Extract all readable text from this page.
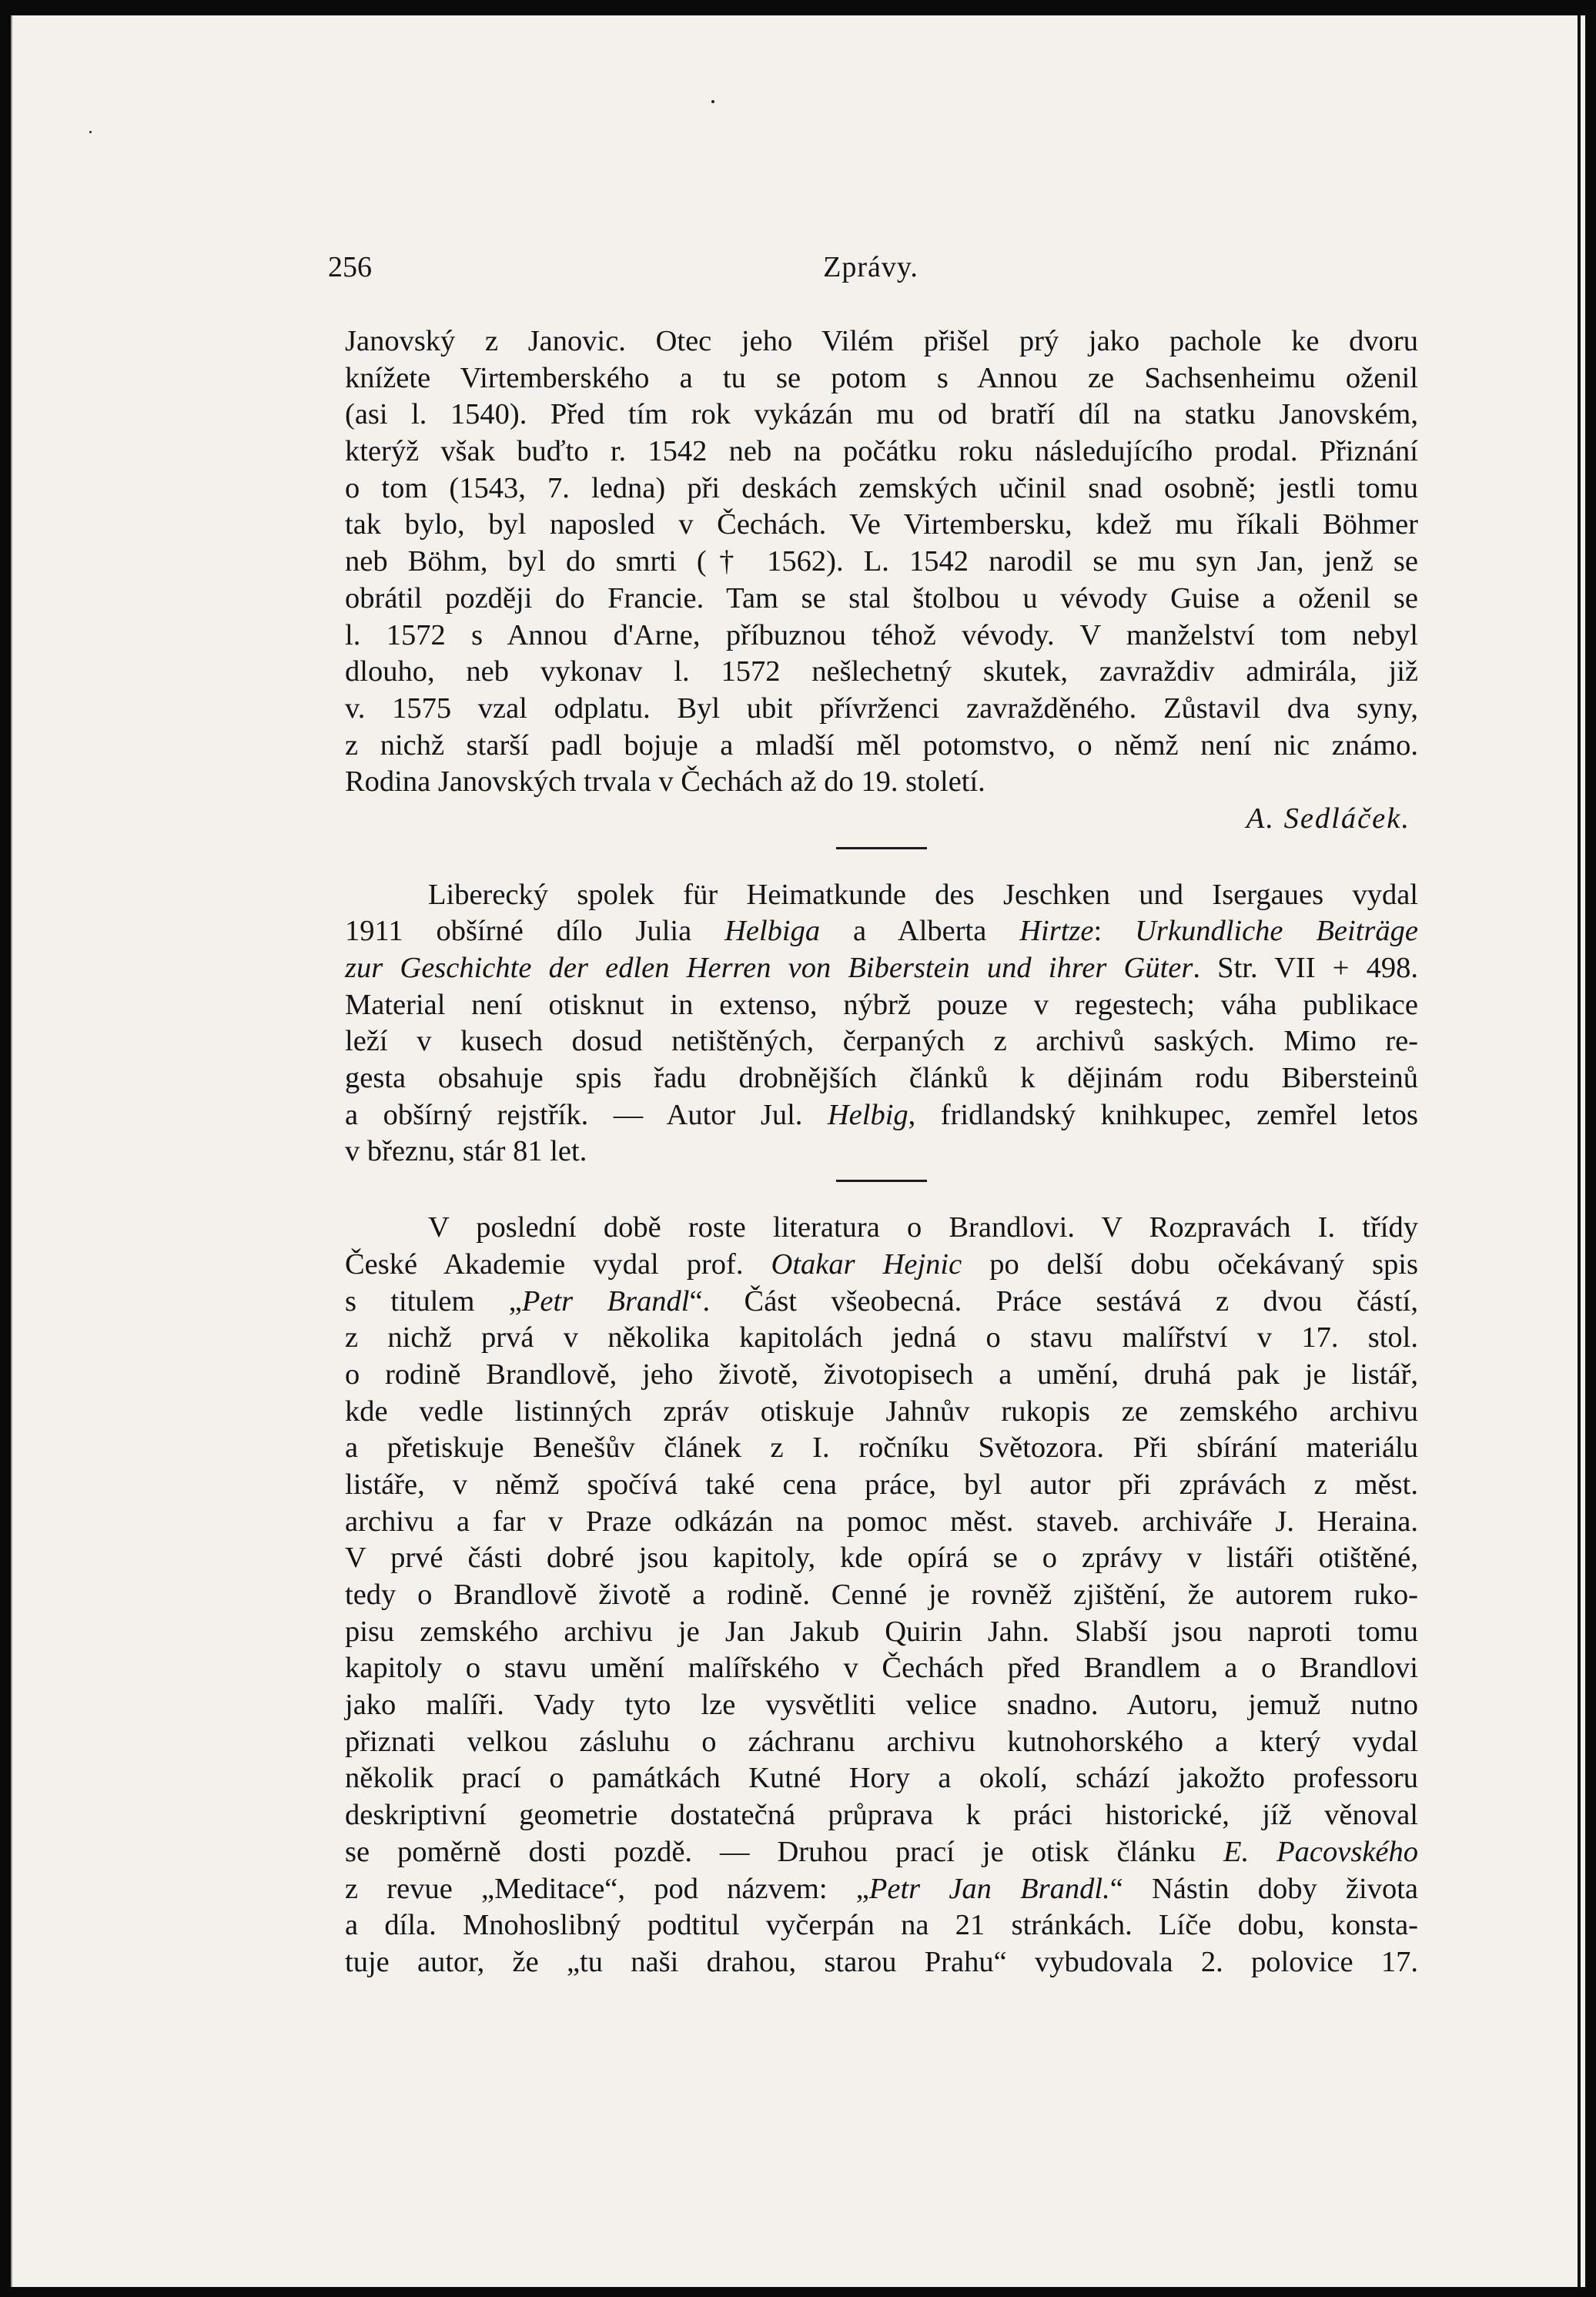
256	Zprávy.
Janovský z Janovic. Otec jeho Vilém přišel prý jako pachole ke dvoru
knížete Virtemberského a tu se potom s Annou ze Sachsenheimu oženil
(asi l. 1540). Před tím rok vykázán mu od bratří díl na statku Janovském,
kterýž však buďto r. 1542 neb na počátku roku následujícího prodal. Přiznání
o tom (1543, 7. ledna) při deskách zemských učinil snad osobně; jestli tomu
tak bylo, byl naposled v Čechách. Ve Virtembersku, kdež mu říkali Böhmer
neb Böhm, byl do smrti († 1562). L. 1542 narodil se mu syn Jan, jenž se
obrátil později do Francie. Tam se stal štolbou u vévody Guise a oženil se
l. 1572 s Annou d'Arne, příbuznou téhož vévody. V manželství tom nebyl
dlouho, neb vykonav l. 1572 nešlechetný skutek, zavraždiv admirála, již
v. 1575 vzal odplatu. Byl ubit přívrženci zavražděného. Zůstavil dva syny,
z nichž starší padl bojuje a mladší měl potomstvo, o němž není nic známo.
Rodina Janovských trvala v Čechách až do 19. století.
A. Sedláček.
Liberecký spolek für Heimatkunde des Jeschken und Isergaues vydal
1911 obšírné dílo Julia Helbiga a Alberta Hirtze: Urkundliche Beiträge
zur Geschichte der edlen Herren von Biberstein und ihrer Güter. Str. VII + 498.
Material není otisknut in extenso, nýbrž pouze v regestech; váha publikace
leží v kusech dosud netištěných, čerpaných z archivů saských. Mimo re-
gesta obsahuje spis řadu drobnějších článků k dějinám rodu Bibersteinů
a obšírný rejstřík. — Autor Jul. Helbig, fridlandský knihkupec, zemřel letos
v březnu, stár 81 let.
V poslední době roste literatura o Brandlovi. V Rozpravách I. třídy
České Akademie vydal prof. Otakar Hejnic po delší dobu očekávaný spis
s titulem „Petr Brandl“. Část všeobecná. Práce sestává z dvou částí,
z nichž prvá v několika kapitolách jedná o stavu malířství v 17. stol.
o rodině Brandlově, jeho životě, životopisech a umění, druhá pak je listář,
kde vedle listinných zpráv otiskuje Jahnův rukopis ze zemského archivu
a přetiskuje Benešův článek z I. ročníku Světozora. Při sbírání materiálu
listáře, v němž spočívá také cena práce, byl autor při zprávách z měst.
archivu a far v Praze odkázán na pomoc měst. staveb. archiváře J. Heraina.
V prvé části dobré jsou kapitoly, kde opírá se o zprávy v listáři otištěné,
tedy o Brandlově životě a rodině. Cenné je rovněž zjištění, že autorem ruko-
pisu zemského archivu je Jan Jakub Quirin Jahn. Slabší jsou naproti tomu
kapitoly o stavu umění malířského v Čechách před Brandlem a o Brandlovi
jako malíři. Vady tyto lze vysvětliti velice snadno. Autoru, jemuž nutno
přiznati velkou zásluhu o záchranu archivu kutnohorského a který vydal
několik prací o památkách Kutné Hory a okolí, schází jakožto professoru
deskriptivní geometrie dostatečná průprava k práci historické, jíž věnoval
se poměrně dosti pozdě. — Druhou prací je otisk článku E. Pacovského
z revue „Meditace“, pod názvem: „Petr Jan Brandl.“ Nástin doby života
a díla. Mnohoslibný podtitul vyčerpán na 21 stránkách. Líče dobu, konsta-
tuje autor, že „tu naši drahou, starou Prahu“ vybudovala 2. polovice 17.
